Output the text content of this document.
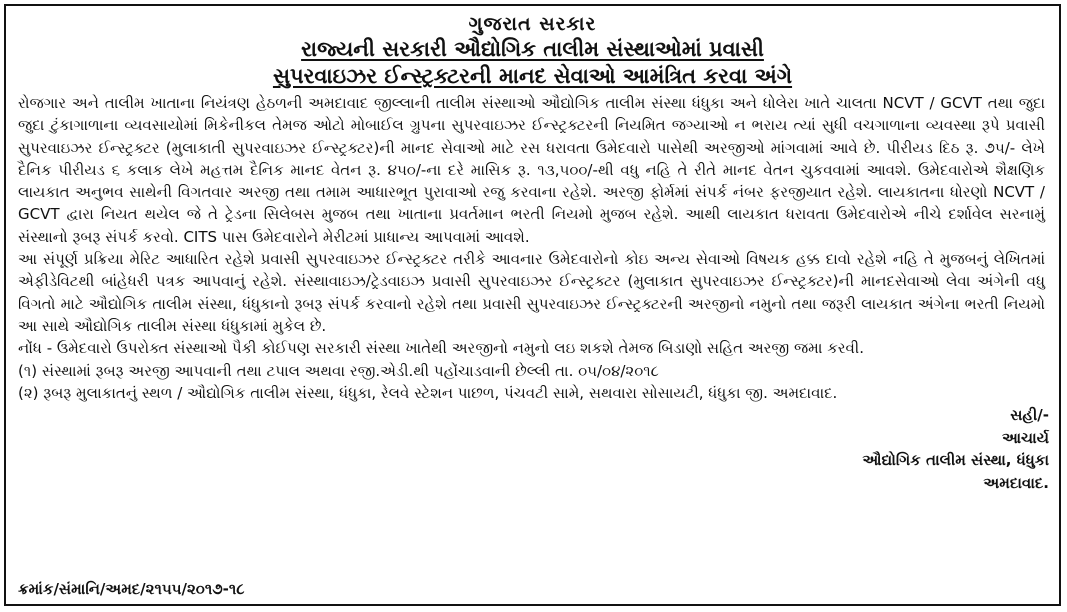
ગુજરાત સરકાર
રાજ્યની સરકારી ઔદ્યોગિક તાલીમ સંસ્થાઓમાં પ્રવાસી
સુપરવાઇઝર ઈન્સ્ટ્રક્ટરની માનદ સેવાઓ આમંત્રિત કરવા અંગે

રોજગાર અને તાલીમ ખાતાના નિયંત્રણ હેઠળની અમદાવાદ જીલ્લાની તાલીમ સંસ્થાઓ ઔદ્યોગિક તાલીમ સંસ્થા ધંધુકા અને ધોલેરા ખાતે ચાલતા NCVT / GCVT તથા જુદા જુદા ટુંકાગાળાના વ્યવસાયોમાં મિકેનીકલ તેમજ ઓટો મોબાઈલ ગ્રુપના સુપરવાઇઝર ઈન્સ્ટ્રક્ટરની નિયમિત જગ્યાઓ ન ભરાય ત્યાં સુધી વચગાળાના વ્યવસ્થા રૂપે પ્રવાસી સુપરવાઇઝર ઈન્સ્ટ્રક્ટર (મુલાકાતી સુપરવાઇઝર ઈન્સ્ટ્રક્ટર)ની માનદ સેવાઓ માટે રસ ધરાવતા ઉમેદવારો પાસેથી અરજીઓ માંગવામાં આવે છે. પીરીયડ દિઠ રૂ. ૭૫/- લેખે દૈનિક પીરીયડ ૬ કલાક લેખે મહત્તમ દૈનિક માનદ વેતન રૂ. ૪૫૦/-ના દરે માસિક રૂ. ૧૩,૫૦૦/-થી વધુ નહિ તે રીતે માનદ વેતન ચુકવવામાં આવશે. ઉમેદવારોએ શૈક્ષણિક લાયકાત અનુભવ સાથેની વિગતવાર અરજી તથા તમામ આધારભૂત પુરાવાઓ રજુ કરવાના રહેશે. અરજી ફોર્મમાં સંપર્ક નંબર ફરજીયાત રહેશે. લાયકાતના ધોરણો NCVT / GCVT દ્વારા નિયત થયેલ જે તે ટ્રેડના સિલેબસ મુજબ તથા ખાતાના પ્રવર્તમાન ભરતી નિયમો મુજબ રહેશે. આથી લાયકાત ધરાવતા ઉમેદવારોએ નીચે દર્શાવેલ સરનામું સંસ્થાનો રૂબરૂ સંપર્ક કરવો. CITS પાસ ઉમેદવારોને મેરીટમાં પ્રાધાન્ય આપવામાં આવશે.

આ સંપૂર્ણ પ્રક્રિયા મેરિટ આધારિત રહેશે પ્રવાસી સુપરવાઇઝર ઈન્સ્ટ્રક્ટર તરીકે આવનાર ઉમેદવારોનો કોઇ અન્ય સેવાઓ વિષયક હક્ક દાવો રહેશે નહિ તે મુજબનું લેખિતમાં એફીડેવિટથી બાંહેધરી પત્રક આપવાનું રહેશે. સંસ્થાવાઇઝ/ટ્રેડવાઇઝ પ્રવાસી સુપરવાઇઝર ઈન્સ્ટ્રક્ટર (મુલાકાત સુપરવાઇઝર ઈન્સ્ટ્રક્ટર)ની માનદસેવાઓ લેવા અંગેની વધુ વિગતો માટે ઔદ્યોગિક તાલીમ સંસ્થા, ધંધુકાનો રૂબરૂ સંપર્ક કરવાનો રહેશે તથા પ્રવાસી સુપરવાઇઝર ઈન્સ્ટ્રક્ટરની અરજીનો નમુનો તથા જરૂરી લાયકાત અંગેના ભરતી નિયમો આ સાથે ઔદ્યોગિક તાલીમ સંસ્થા ધંધુકામાં મુકેલ છે.

નોંધ - ઉમેદવારો ઉપરોક્ત સંસ્થાઓ પૈકી કોઈપણ સરકારી સંસ્થા ખાતેથી અરજીનો નમુનો લઇ શકશે તેમજ બિડાણો સહિત અરજી જમા કરવી.

(૧) સંસ્થામાં રૂબરૂ અરજી આપવાની તથા ટપાલ અથવા રજી.એડી.થી પહોંચાડવાની છેલ્લી તા. ૦૫/૦૪/૨૦૧૮

(૨) રૂબરૂ મુલાકાતનું સ્થળ / ઔદ્યોગિક તાલીમ સંસ્થા, ધંધુકા, રેલવે સ્ટેશન પાછળ, પંચવટી સામે, સથવારા સોસાયટી, ધંધુકા જી. અમદાવાદ.

સહી/-
આચાર્ય
ઔદ્યોગિક તાલીમ સંસ્થા, ધંધુકા
અમદાવાદ.
ક્રમાંક/સંમાનિ/અમદ/૨૧૫૫/૨૦૧૭-૧૮
